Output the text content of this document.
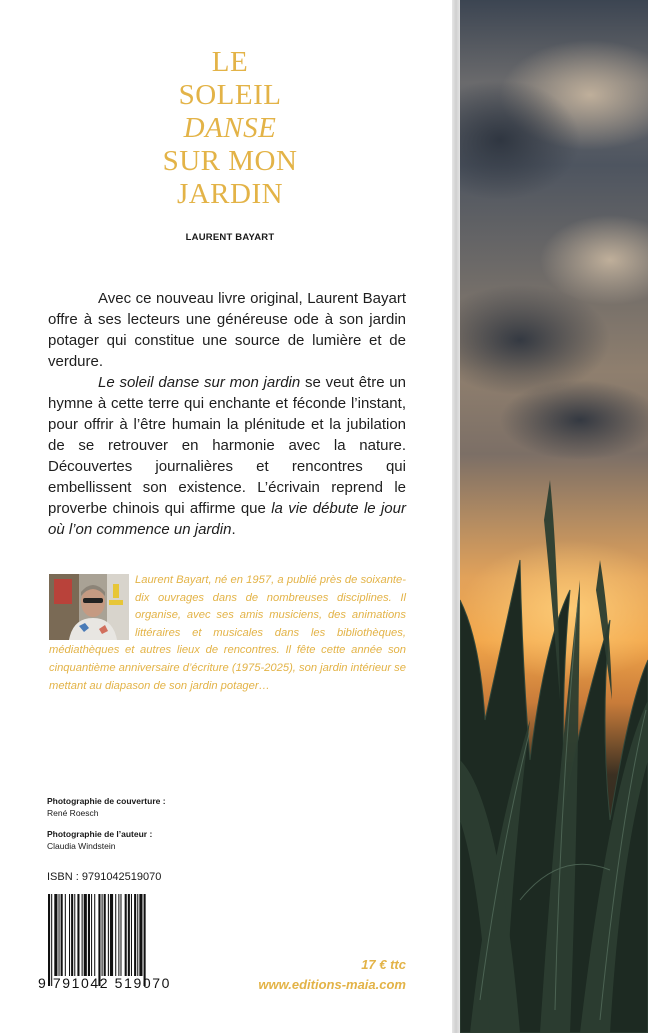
LE
SOLEIL
DANSE
SUR MON
JARDIN
LAURENT BAYART

Avec ce nouveau livre original, Laurent Bayart offre à ses lecteurs une généreuse ode à son jardin potager qui constitue une source de lumière et de verdure.

Le soleil danse sur mon jardin se veut être un hymne à cette terre qui enchante et féconde l’instant, pour offrir à l’être humain la plénitude et la jubilation de se retrouver en harmonie avec la nature. Découvertes journalières et rencontres qui embellissent son existence. L’écrivain reprend le proverbe chinois qui affirme que la vie débute le jour où l’on commence un jardin.

Laurent Bayart, né en 1957, a publié près de soixante-dix ouvrages dans de nombreuses disciplines. Il organise, avec ses amis musiciens, des animations littéraires et musicales dans les bibliothèques, médiathèques et autres lieux de rencontres. Il fête cette année son cinquantième anniversaire d’écriture (1975-2025), son jardin intérieur se mettant au diapason de son jardin potager…
Photographie de couverture :
René Roesch
Photographie de l’auteur :
Claudia Windstein
ISBN : 9791042519070
9 791042 519070
17 € ttc
www.editions-maia.com
